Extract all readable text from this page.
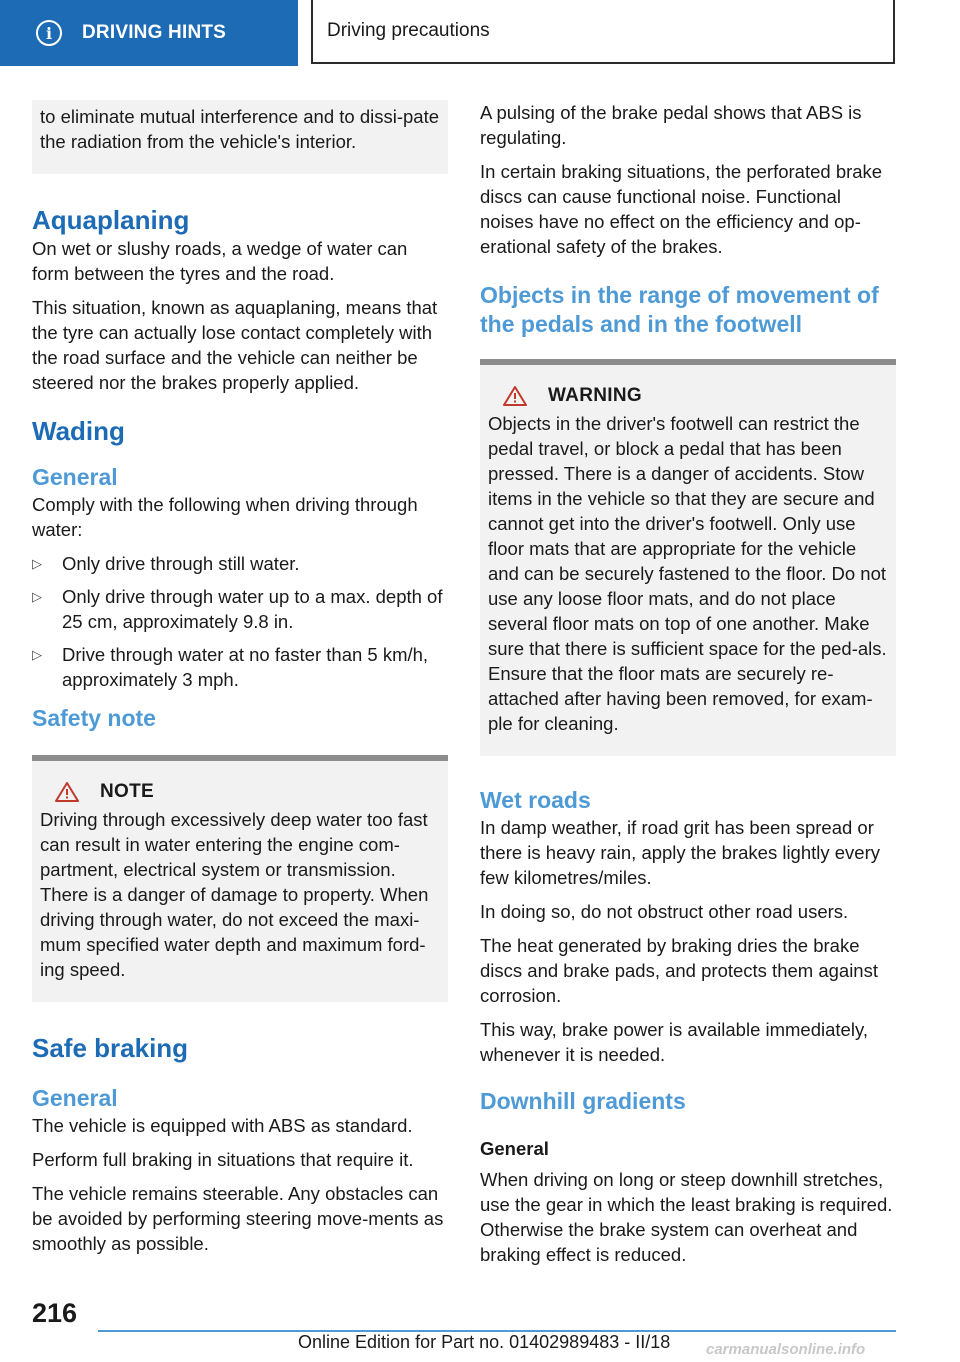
i	DRIVING HINTS	Driving precautions

to eliminate mutual interference and to dissi-pate the radiation from the vehicle's interior.

Aquaplaning

On wet or slushy roads, a wedge of water can form between the tyres and the road.

This situation, known as aquaplaning, means that the tyre can actually lose contact completely with the road surface and the vehicle can neither be steered nor the brakes properly applied.

Wading
General

Comply with the following when driving through water:

▷ Only drive through still water.
▷ Only drive through water up to a max. depth of 25 cm, approximately 9.8 in.
▷ Drive through water at no faster than 5 km/h, approximately 3 mph.
Safety note
NOTE

Driving through excessively deep water too fast can result in water entering the engine com-partment, electrical system or transmission. There is a danger of damage to property. When driving through water, do not exceed the maxi-mum specified water depth and maximum ford-ing speed.

Safe braking
General

The vehicle is equipped with ABS as standard.

Perform full braking in situations that require it.

The vehicle remains steerable. Any obstacles can be avoided by performing steering move-ments as smoothly as possible.

A pulsing of the brake pedal shows that ABS is regulating.

In certain braking situations, the perforated brake discs can cause functional noise. Functional noises have no effect on the efficiency and op-erational safety of the brakes.

Objects in the range of movement of the pedals and in the footwell
WARNING

Objects in the driver's footwell can restrict the pedal travel, or block a pedal that has been pressed. There is a danger of accidents. Stow items in the vehicle so that they are secure and cannot get into the driver's footwell. Only use floor mats that are appropriate for the vehicle and can be securely fastened to the floor. Do not use any loose floor mats, and do not place several floor mats on top of one another. Make sure that there is sufficient space for the ped-als. Ensure that the floor mats are securely re-attached after having been removed, for exam-ple for cleaning.

Wet roads

In damp weather, if road grit has been spread or there is heavy rain, apply the brakes lightly every few kilometres/miles.

In doing so, do not obstruct other road users.

The heat generated by braking dries the brake discs and brake pads, and protects them against corrosion.

This way, brake power is available immediately, whenever it is needed.

Downhill gradients
General

When driving on long or steep downhill stretches, use the gear in which the least braking is required. Otherwise the brake system can overheat and braking effect is reduced.

216
Online Edition for Part no. 01402989483 - II/18 carmanualsonline.info
